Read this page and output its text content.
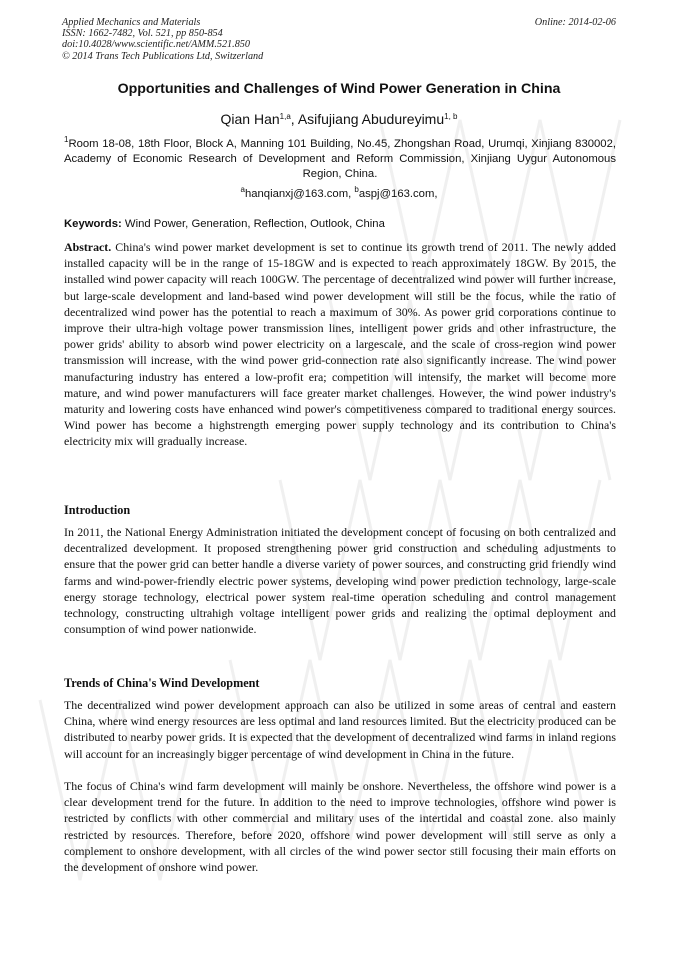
Applied Mechanics and Materials
ISSN: 1662-7482, Vol. 521, pp 850-854
doi:10.4028/www.scientific.net/AMM.521.850
© 2014 Trans Tech Publications Ltd, Switzerland
Online: 2014-02-06
Opportunities and Challenges of Wind Power Generation in China
Qian Han$^{1,a}$, Asifujiang Abudureyimu$^{1, b}$
$^1$Room 18-08, 18th Floor, Block A, Manning 101 Building, No.45, Zhongshan Road, Urumqi, Xinjiang 830002, Academy of Economic Research of Development and Reform Commission, Xinjiang Uygur Autonomous Region, China.
$^a$hanqianxj@163.com, $^b$aspj@163.com,
Keywords: Wind Power, Generation, Reflection, Outlook, China

Abstract. China's wind power market development is set to continue its growth trend of 2011. The newly added installed capacity will be in the range of 15-18GW and is expected to reach approximately 18GW. By 2015, the installed wind power capacity will reach 100GW. The percentage of decentralized wind power will further increase, but large-scale development and land-based wind power development will still be the focus, while the ratio of decentralized wind power has the potential to reach a maximum of 30%. As power grid corporations continue to improve their ultra-high voltage power transmission lines, intelligent power grids and other infrastructure, the power grids' ability to absorb wind power electricity on a largescale, and the scale of cross-region wind power transmission will increase, with the wind power grid-connection rate also significantly increase. The wind power manufacturing industry has entered a low-profit era; competition will intensify, the market will become more mature, and wind power manufacturers will face greater market challenges. However, the wind power industry's maturity and lowering costs have enhanced wind power's competitiveness compared to traditional energy sources. Wind power has become a highstrength emerging power supply technology and its contribution to China's electricity mix will gradually increase.

Introduction

In 2011, the National Energy Administration initiated the development concept of focusing on both centralized and decentralized development. It proposed strengthening power grid construction and scheduling adjustments to ensure that the power grid can better handle a diverse variety of power sources, and constructing grid friendly wind farms and wind-power-friendly electric power systems, developing wind power prediction technology, large-scale energy storage technology, electrical power system real-time operation scheduling and control management technology, constructing ultrahigh voltage intelligent power grids and realizing the optimal deployment and consumption of wind power nationwide.

Trends of China's Wind Development

The decentralized wind power development approach can also be utilized in some areas of central and eastern China, where wind energy resources are less optimal and land resources limited. But the electricity produced can be distributed to nearby power grids. It is expected that the development of decentralized wind farms in inland regions will account for an increasingly bigger percentage of wind development in China in the future.

The focus of China's wind farm development will mainly be onshore. Nevertheless, the offshore wind power is a clear development trend for the future. In addition to the need to improve technologies, offshore wind power is restricted by conflicts with other commercial and military uses of the intertidal and coastal zone. also mainly restricted by resources. Therefore, before 2020, offshore wind power development will still serve as only a complement to onshore development, with all circles of the wind power sector still focusing their main efforts on the development of onshore wind power.
